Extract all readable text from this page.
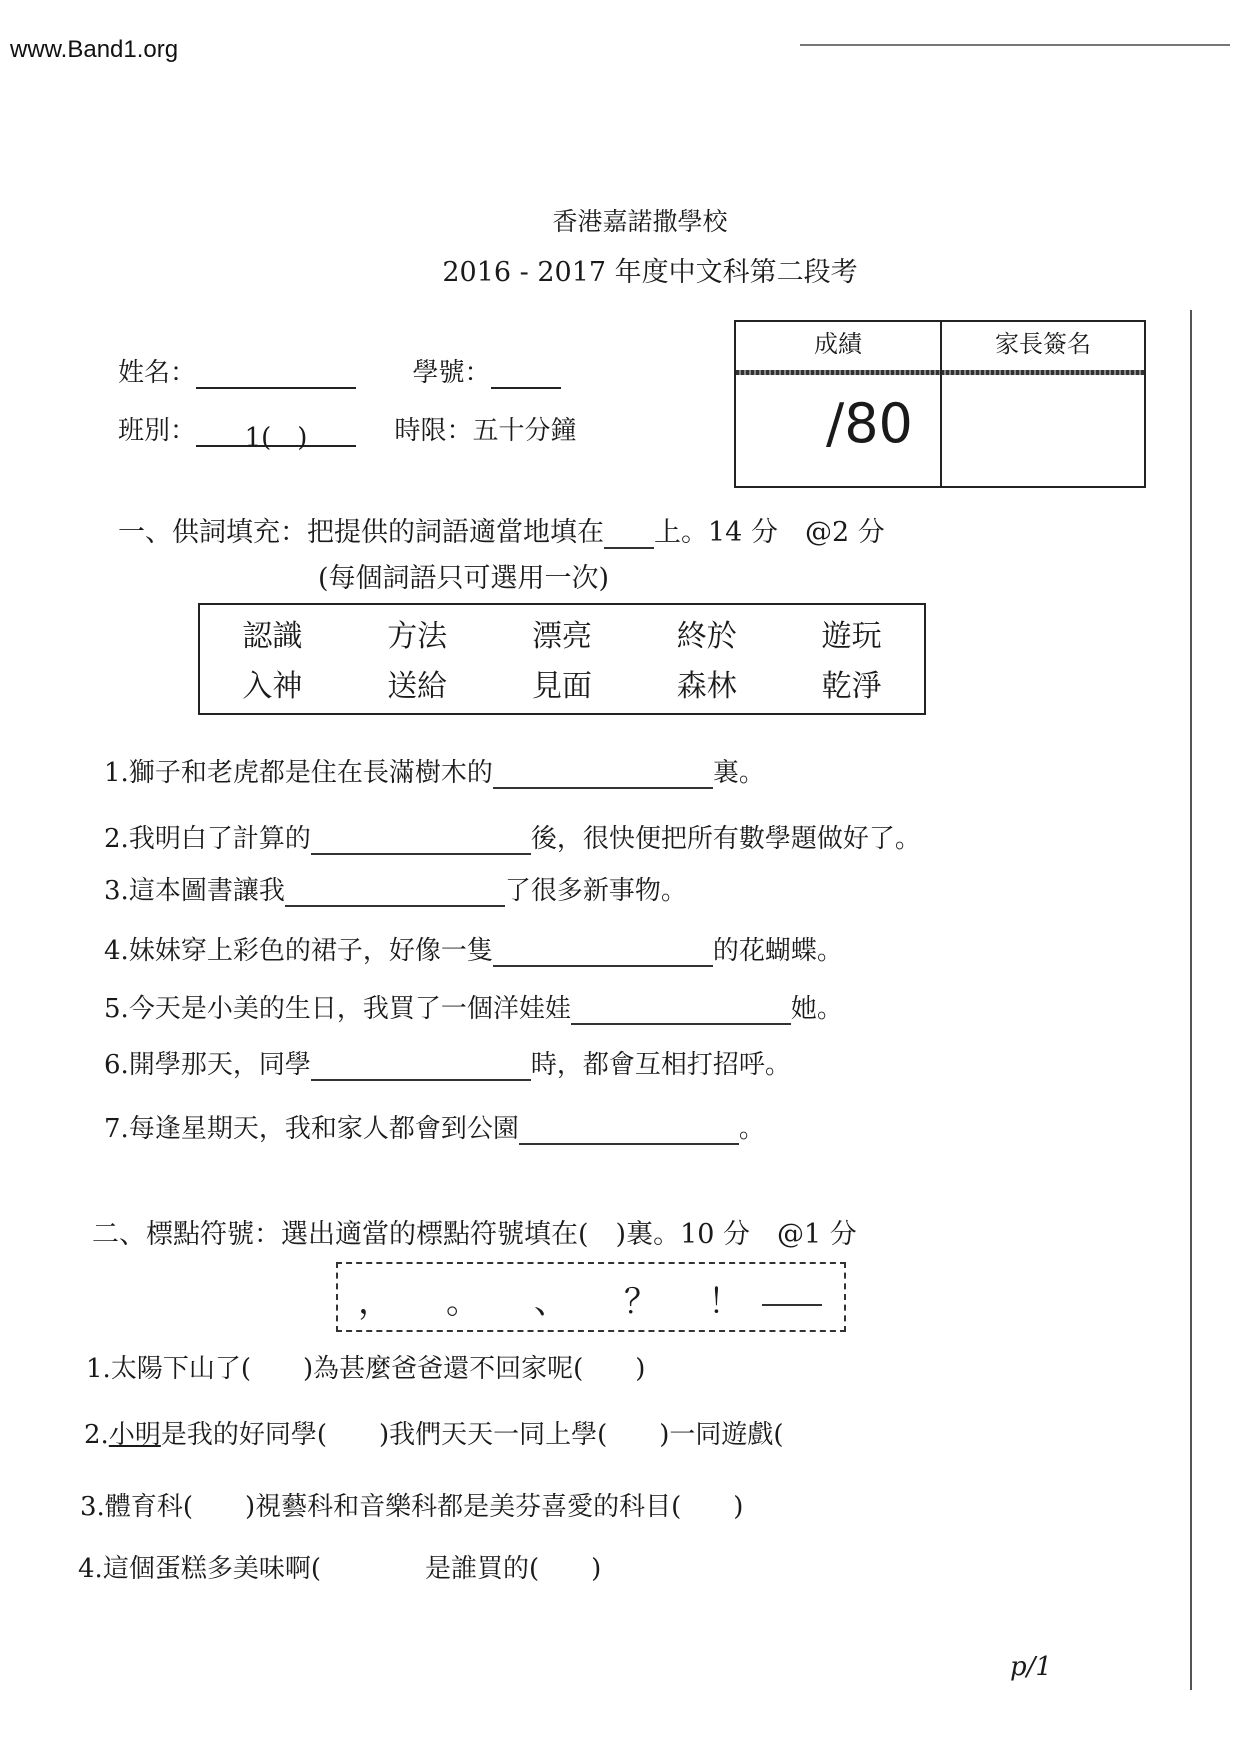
www.Band1.org
香港嘉諾撒學校
2016 - 2017 年度中文科第二段考
成績	家長簽名
/80
姓名：	學號：
班別： 1(　)	時限：五十分鐘
一、供詞填充：把提供的詞語適當地填在 上。14 分　@2 分
(每個詞語只可選用一次)
認識	方法	漂亮	終於	遊玩
入神	送給	見面	森林	乾淨
1.獅子和老虎都是住在長滿樹木的	裏。
2.我明白了計算的	後，很快便把所有數學題做好了。
3.這本圖書讓我	了很多新事物。
4.妹妹穿上彩色的裙子，好像一隻	的花蝴蝶。
5.今天是小美的生日，我買了一個洋娃娃	她。
6.開學那天，同學	時，都會互相打招呼。
7.每逢星期天，我和家人都會到公園	。
二、標點符號：選出適當的標點符號填在(　)裏。10 分　@1 分
， 。 、 ？ ！
1.太陽下山了(　　)為甚麼爸爸還不回家呢(　　)
2.小明是我的好同學(　　)我們天天一同上學(　　)一同遊戲(
3.體育科(　　)視藝科和音樂科都是美芬喜愛的科目(　　)
4.這個蛋糕多美味啊(　　　　是誰買的(　　)
p/1
